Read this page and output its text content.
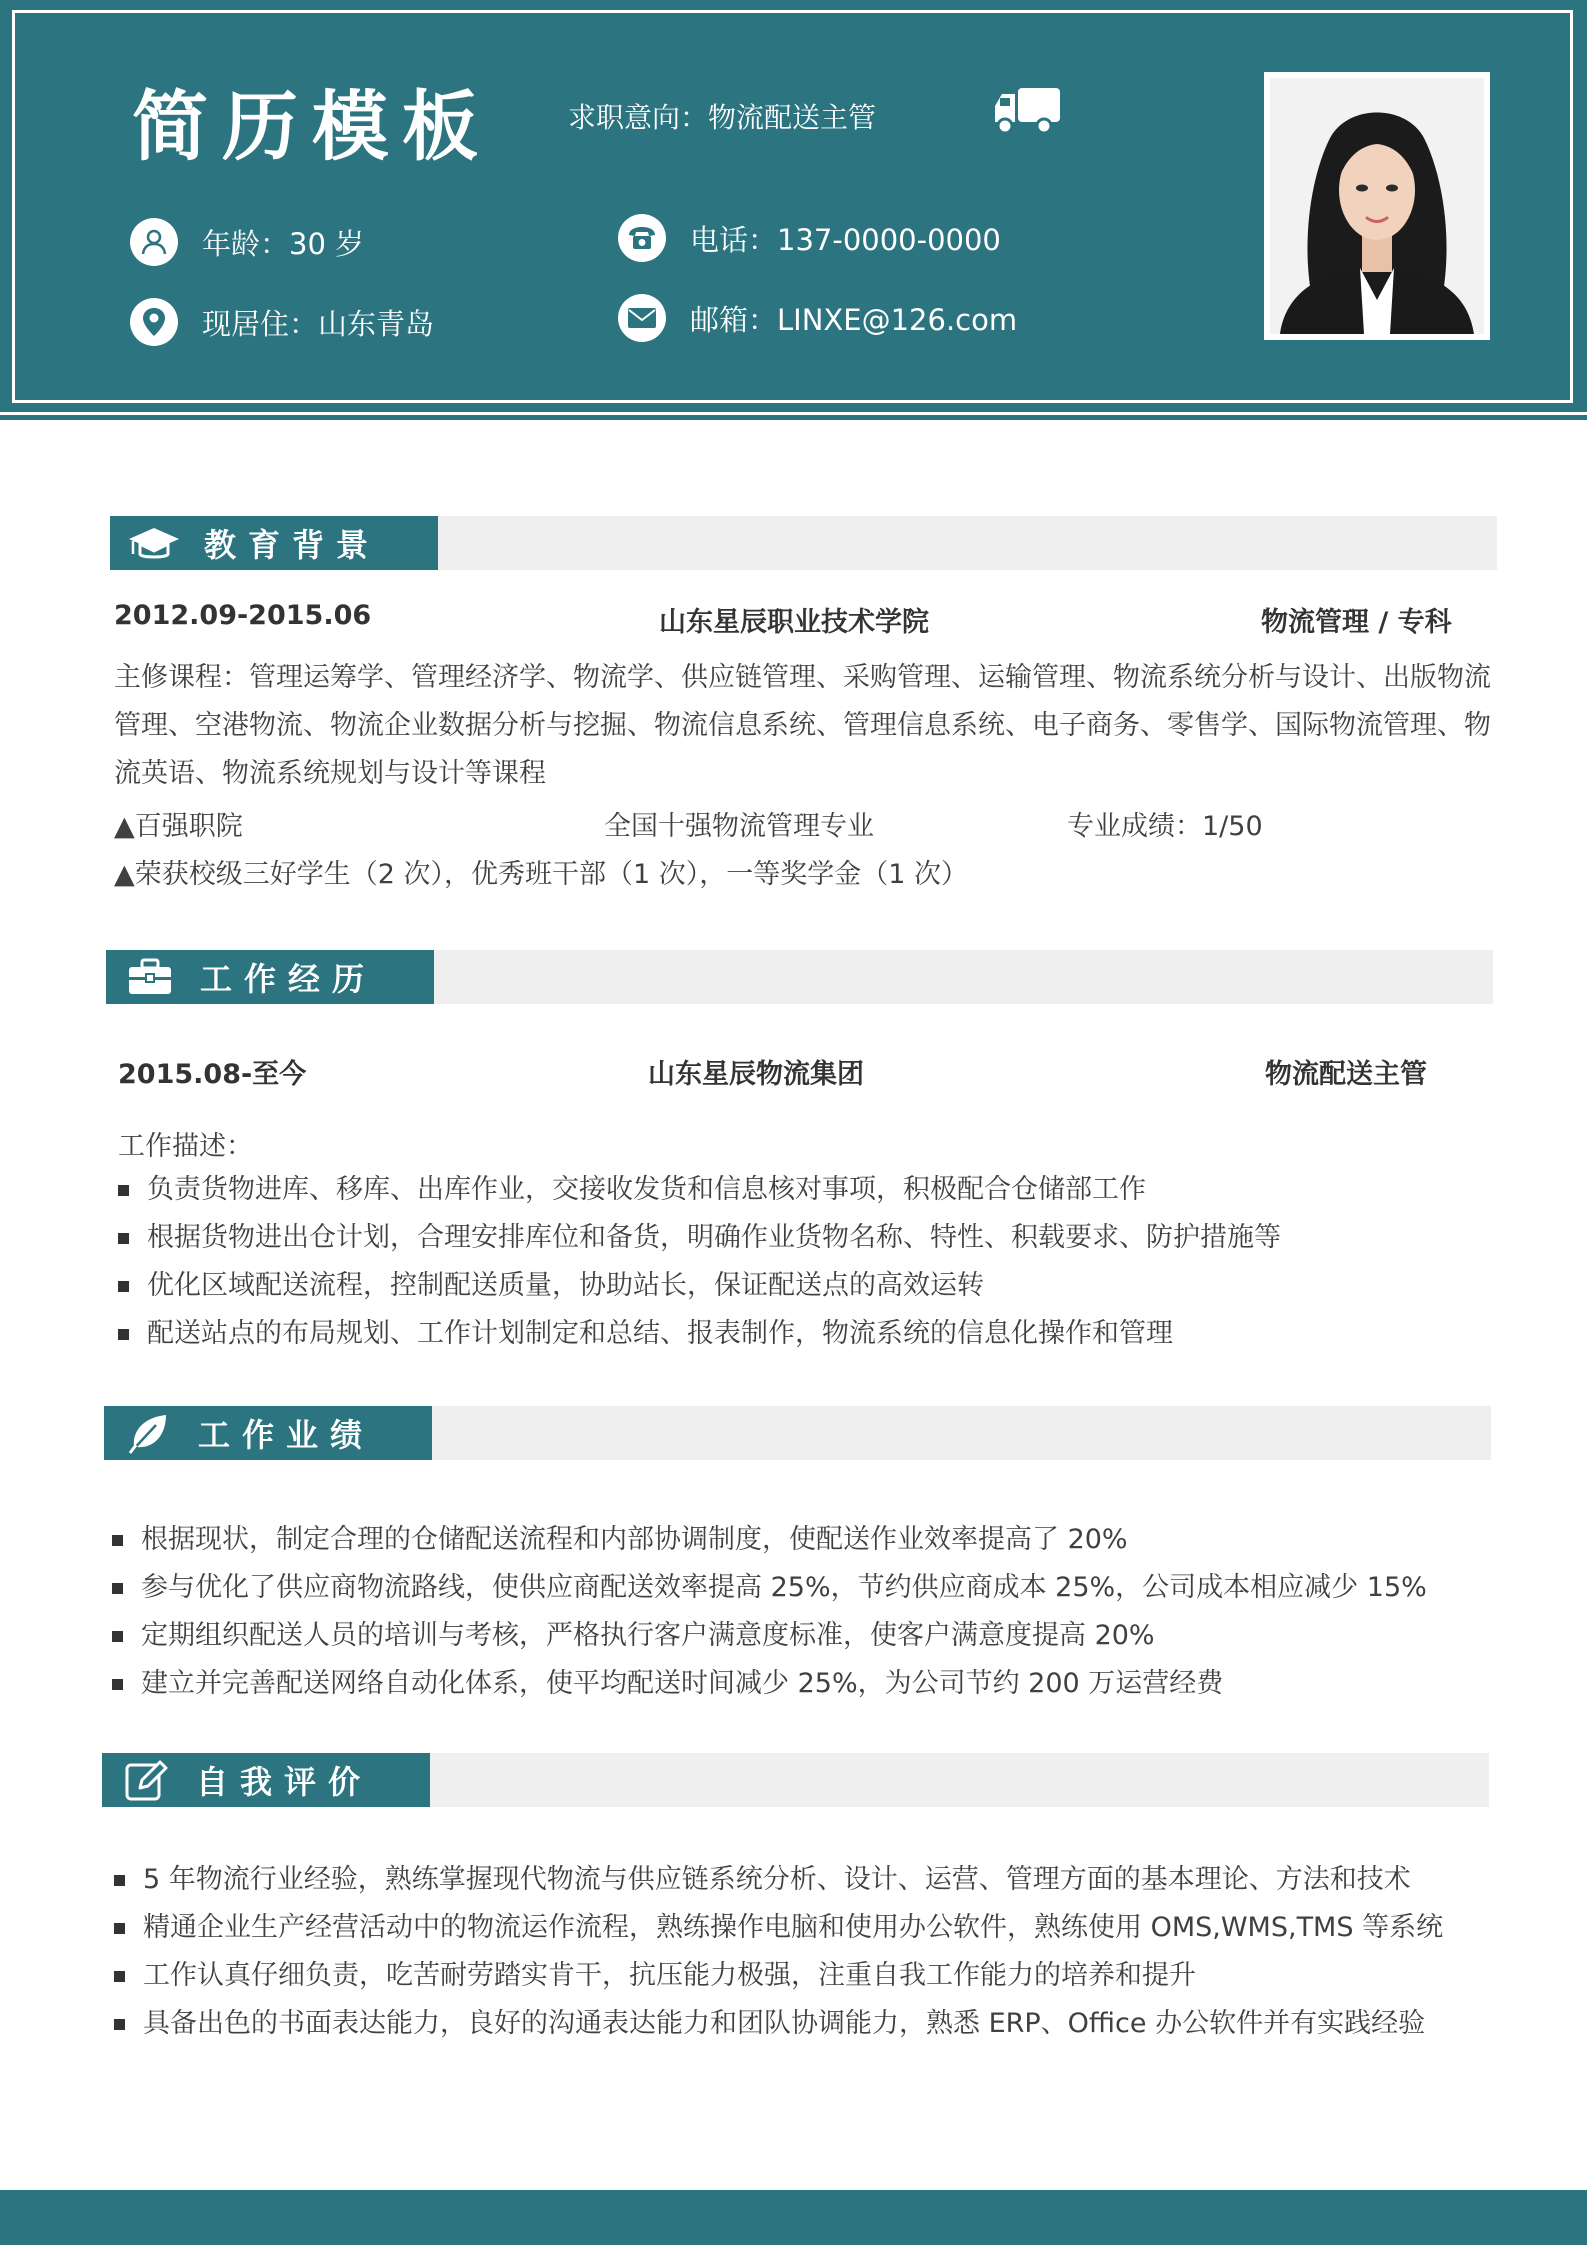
简历模板	求职意向：物流配送主管
年龄：30 岁
现居住：山东青岛
电话：137-0000-0000
邮箱：LINXE@126.com
教育背景
2012.09-2015.06	山东星辰职业技术学院	物流管理 / 专科
主修课程：管理运筹学、管理经济学、物流学、供应链管理、采购管理、运输管理、物流系统分析与设计、出版物流管理、空港物流、物流企业数据分析与挖掘、物流信息系统、管理信息系统、电子商务、零售学、国际物流管理、物流英语、物流系统规划与设计等课程
▲百强职院	全国十强物流管理专业	专业成绩：1/50
▲荣获校级三好学生（2 次），优秀班干部（1 次），一等奖学金（1 次）
工作经历
2015.08-至今	山东星辰物流集团	物流配送主管
工作描述：
负责货物进库、移库、出库作业，交接收发货和信息核对事项，积极配合仓储部工作
根据货物进出仓计划，合理安排库位和备货，明确作业货物名称、特性、积载要求、防护措施等
优化区域配送流程，控制配送质量，协助站长，保证配送点的高效运转
配送站点的布局规划、工作计划制定和总结、报表制作，物流系统的信息化操作和管理
工作业绩
根据现状，制定合理的仓储配送流程和内部协调制度，使配送作业效率提高了 20%
参与优化了供应商物流路线，使供应商配送效率提高 25%，节约供应商成本 25%，公司成本相应减少 15%
定期组织配送人员的培训与考核，严格执行客户满意度标准，使客户满意度提高 20%
建立并完善配送网络自动化体系，使平均配送时间减少 25%，为公司节约 200 万运营经费
自我评价
5 年物流行业经验，熟练掌握现代物流与供应链系统分析、设计、运营、管理方面的基本理论、方法和技术
精通企业生产经营活动中的物流运作流程，熟练操作电脑和使用办公软件，熟练使用 OMS,WMS,TMS 等系统
工作认真仔细负责，吃苦耐劳踏实肯干，抗压能力极强，注重自我工作能力的培养和提升
具备出色的书面表达能力，良好的沟通表达能力和团队协调能力，熟悉 ERP、Office 办公软件并有实践经验
